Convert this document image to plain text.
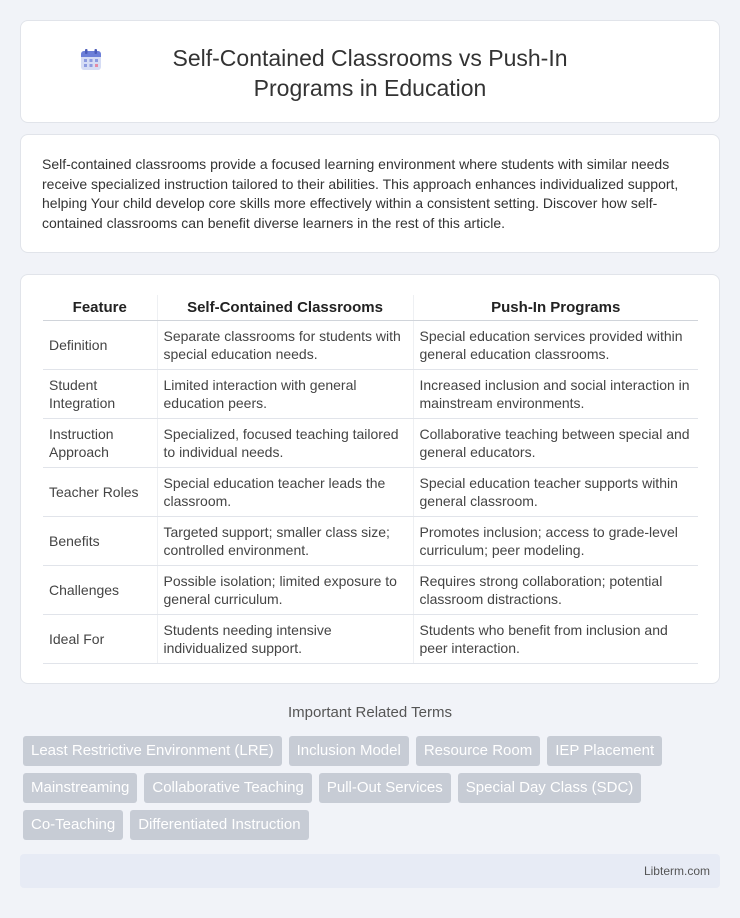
Self-Contained Classrooms vs Push-In Programs in Education

Self-contained classrooms provide a focused learning environment where students with similar needs receive specialized instruction tailored to their abilities. This approach enhances individualized support, helping Your child develop core skills more effectively within a consistent setting. Discover how self-contained classrooms can benefit diverse learners in the rest of this article.

Feature	Self-Contained Classrooms	Push-In Programs
Definition	Separate classrooms for students with special education needs.	Special education services provided within general education classrooms.
Student Integration	Limited interaction with general education peers.	Increased inclusion and social interaction in mainstream environments.
Instruction Approach	Specialized, focused teaching tailored to individual needs.	Collaborative teaching between special and general educators.
Teacher Roles	Special education teacher leads the classroom.	Special education teacher supports within general classroom.
Benefits	Targeted support; smaller class size; controlled environment.	Promotes inclusion; access to grade-level curriculum; peer modeling.
Challenges	Possible isolation; limited exposure to general curriculum.	Requires strong collaboration; potential classroom distractions.
Ideal For	Students needing intensive individualized support.	Students who benefit from inclusion and peer interaction.
Important Related Terms
Least Restrictive Environment (LRE)	Inclusion Model	Resource Room	IEP Placement
Mainstreaming	Collaborative Teaching	Pull-Out Services	Special Day Class (SDC)
Co-Teaching	Differentiated Instruction
Libterm.com
